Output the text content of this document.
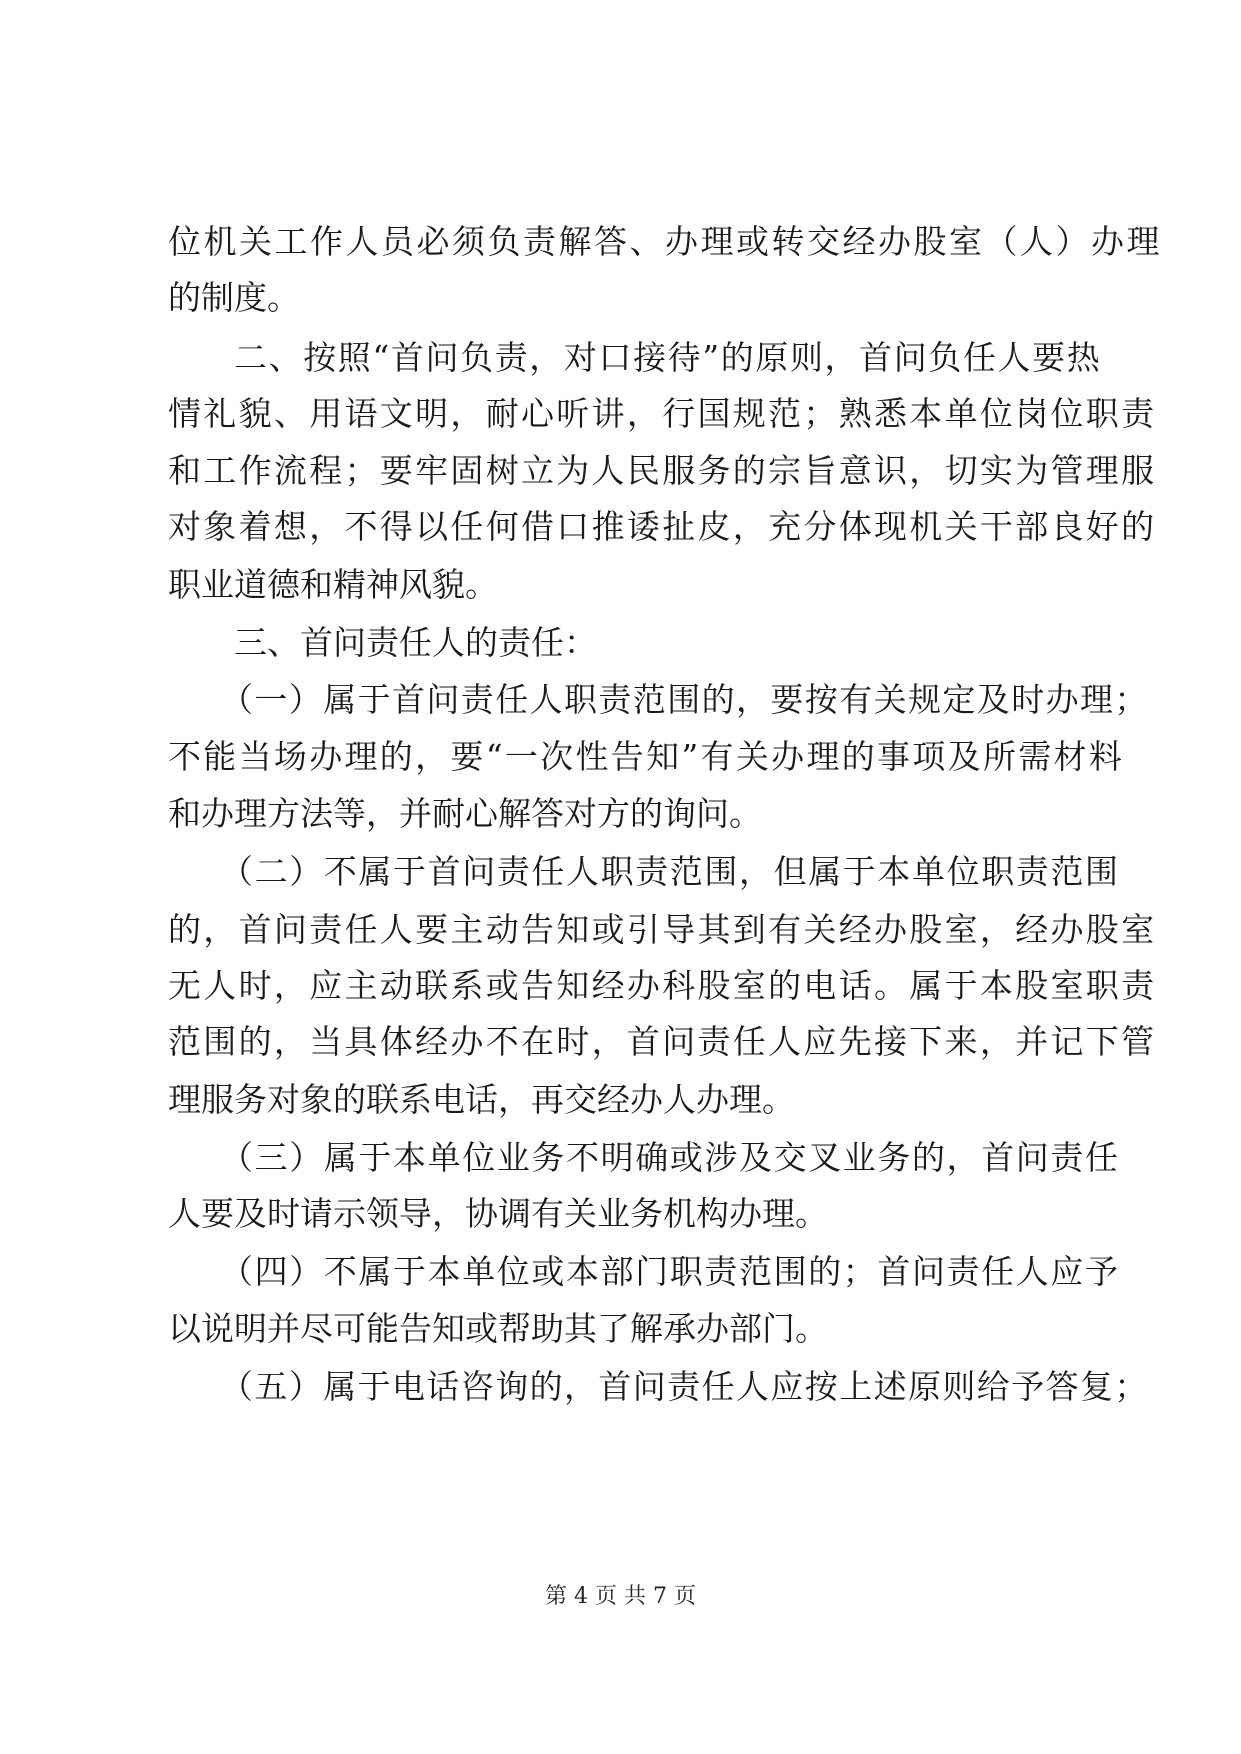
位机关工作人员必须负责解答、办理或转交经办股室（人）办理
的制度。
二、按照“首问负责，对口接待”的原则，首问负任人要热
情礼貌、用语文明，耐心听讲，行国规范；熟悉本单位岗位职责
和工作流程；要牢固树立为人民服务的宗旨意识，切实为管理服
对象着想，不得以任何借口推诿扯皮，充分体现机关干部良好的
职业道德和精神风貌。
三、首问责任人的责任：
（一）属于首问责任人职责范围的，要按有关规定及时办理；
不能当场办理的，要“一次性告知”有关办理的事项及所需材料
和办理方法等，并耐心解答对方的询问。
（二）不属于首问责任人职责范围，但属于本单位职责范围
的，首问责任人要主动告知或引导其到有关经办股室，经办股室
无人时，应主动联系或告知经办科股室的电话。属于本股室职责
范围的，当具体经办不在时，首问责任人应先接下来，并记下管
理服务对象的联系电话，再交经办人办理。
（三）属于本单位业务不明确或涉及交叉业务的，首问责任
人要及时请示领导，协调有关业务机构办理。
（四）不属于本单位或本部门职责范围的；首问责任人应予
以说明并尽可能告知或帮助其了解承办部门。
（五）属于电话咨询的，首问责任人应按上述原则给予答复；
第 4 页 共 7 页
